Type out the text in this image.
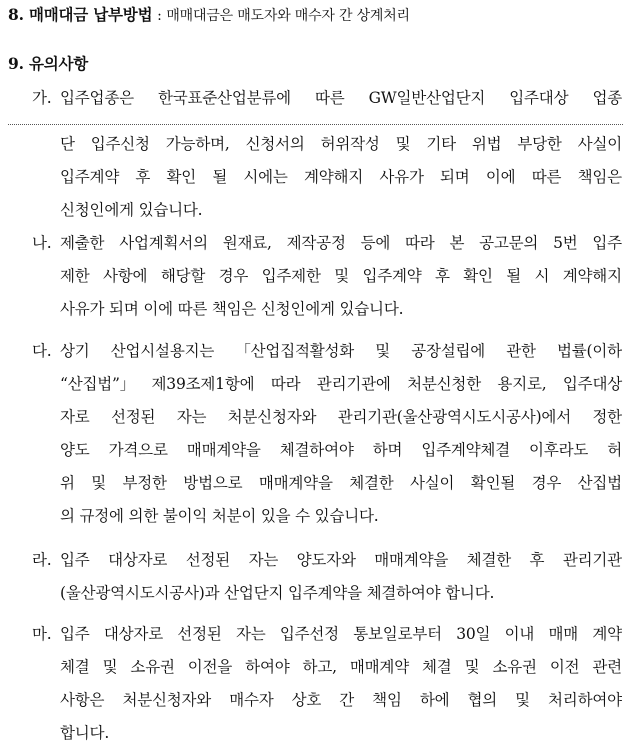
8. 매매대금 납부방법 : 매매대금은 매도자와 매수자 간 상계처리
9. 유의사항
가. 입주업종은 한국표준산업분류에 따른 GW일반산업단지 입주대상 업종
단 입주신청 가능하며, 신청서의 허위작성 및 기타 위법 부당한 사실이
입주계약 후 확인 될 시에는 계약해지 사유가 되며 이에 따른 책임은
신청인에게 있습니다.
나. 제출한 사업계획서의 원재료, 제작공정 등에 따라 본 공고문의 5번 입주
제한 사항에 해당할 경우 입주제한 및 입주계약 후 확인 될 시 계약해지
사유가 되며 이에 따른 책임은 신청인에게 있습니다.
다. 상기 산업시설용지는 「산업집적활성화 및 공장설립에 관한 법률(이하
“산집법”」 제39조제1항에 따라 관리기관에 처분신청한 용지로, 입주대상
자로 선정된 자는 처분신청자와 관리기관(울산광역시도시공사)에서 정한
양도 가격으로 매매계약을 체결하여야 하며 입주계약체결 이후라도 허
위 및 부정한 방법으로 매매계약을 체결한 사실이 확인될 경우 산집법
의 규정에 의한 불이익 처분이 있을 수 있습니다.
라. 입주 대상자로 선정된 자는 양도자와 매매계약을 체결한 후 관리기관
(울산광역시도시공사)과 산업단지 입주계약을 체결하여야 합니다.
마. 입주 대상자로 선정된 자는 입주선정 통보일로부터 30일 이내 매매 계약
체결 및 소유권 이전을 하여야 하고, 매매계약 체결 및 소유권 이전 관련
사항은 처분신청자와 매수자 상호 간 책임 하에 협의 및 처리하여야
합니다.
